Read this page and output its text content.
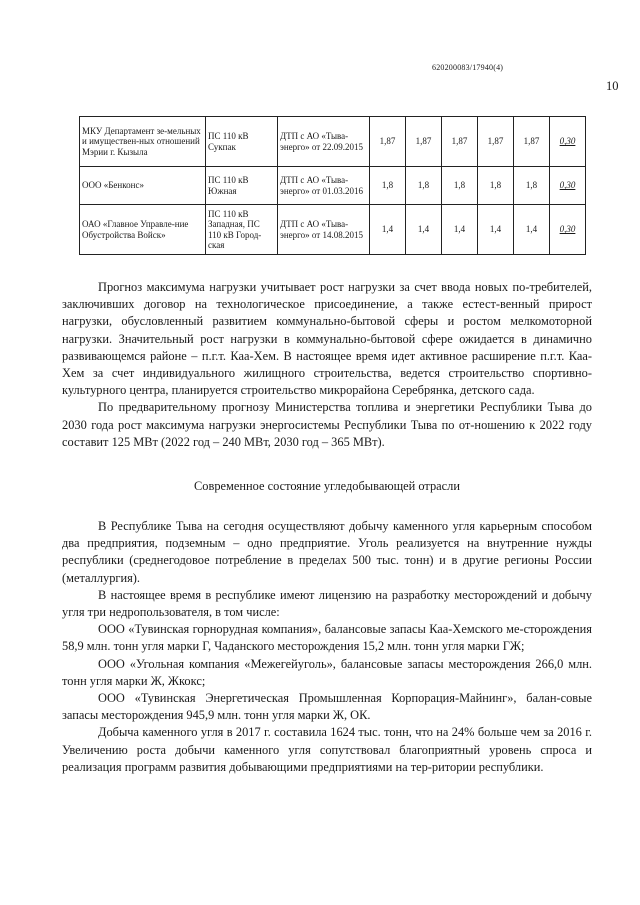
620200083/17940(4)
10
МКУ Департамент зе-мельных и имуществен-ных отношений Мэрии г. Кызыла	ПС 110 кВ Сукпак	ДТП с АО «Тыва-энерго» от 22.09.2015	1,87	1,87	1,87	1,87	1,87	0,30
ООО «Бенконс»	ПС 110 кВ Южная	ДТП с АО «Тыва-энерго» от 01.03.2016	1,8	1,8	1,8	1,8	1,8	0,30
ОАО «Главное Управле-ние Обустройства Войск»	ПС 110 кВ Западная, ПС 110 кВ Город-ская	ДТП с АО «Тыва-энерго» от 14.08.2015	1,4	1,4	1,4	1,4	1,4	0,30

Прогноз максимума нагрузки учитывает рост нагрузки за счет ввода новых по-требителей, заключивших договор на технологическое присоединение, а также естест-венный прирост нагрузки, обусловленный развитием коммунально-бытовой сферы и ростом мелкомоторной нагрузки. Значительный рост нагрузки в коммунально-бытовой сфере ожидается в динамично развивающемся районе – п.г.т. Каа-Хем. В настоящее время идет активное расширение п.г.т. Каа-Хем за счет индивидуального жилищного строительства, ведется строительство спортивно-культурного центра, планируется строительство микрорайона Серебрянка, детского сада.

По предварительному прогнозу Министерства топлива и энергетики Республики Тыва до 2030 года рост максимума нагрузки энергосистемы Республики Тыва по от-ношению к 2022 году составит 125 МВт (2022 год – 240 МВт, 2030 год – 365 МВт).

Современное состояние угледобывающей отрасли

В Республике Тыва на сегодня осуществляют добычу каменного угля карьерным способом два предприятия, подземным – одно предприятие. Уголь реализуется на внутренние нужды республики (среднегодовое потребление в пределах 500 тыс. тонн) и в другие регионы России (металлургия).

В настоящее время в республике имеют лицензию на разработку месторождений и добычу угля три недропользователя, в том числе:

ООО «Тувинская горнорудная компания», балансовые запасы Каа-Хемского ме-сторождения 58,9 млн. тонн угля марки Г, Чаданского месторождения 15,2 млн. тонн угля марки ГЖ;

ООО «Угольная компания «Межегейуголь», балансовые запасы месторождения 266,0 млн. тонн угля марки Ж, Жкокс;

ООО «Тувинская Энергетическая Промышленная Корпорация-Майнинг», балан-совые запасы месторождения 945,9 млн. тонн угля марки Ж, ОК.

Добыча каменного угля в 2017 г. составила 1624 тыс. тонн, что на 24% больше чем за 2016 г. Увеличению роста добычи каменного угля сопутствовал благоприятный уровень спроса и реализация программ развития добывающими предприятиями на тер-ритории республики.
